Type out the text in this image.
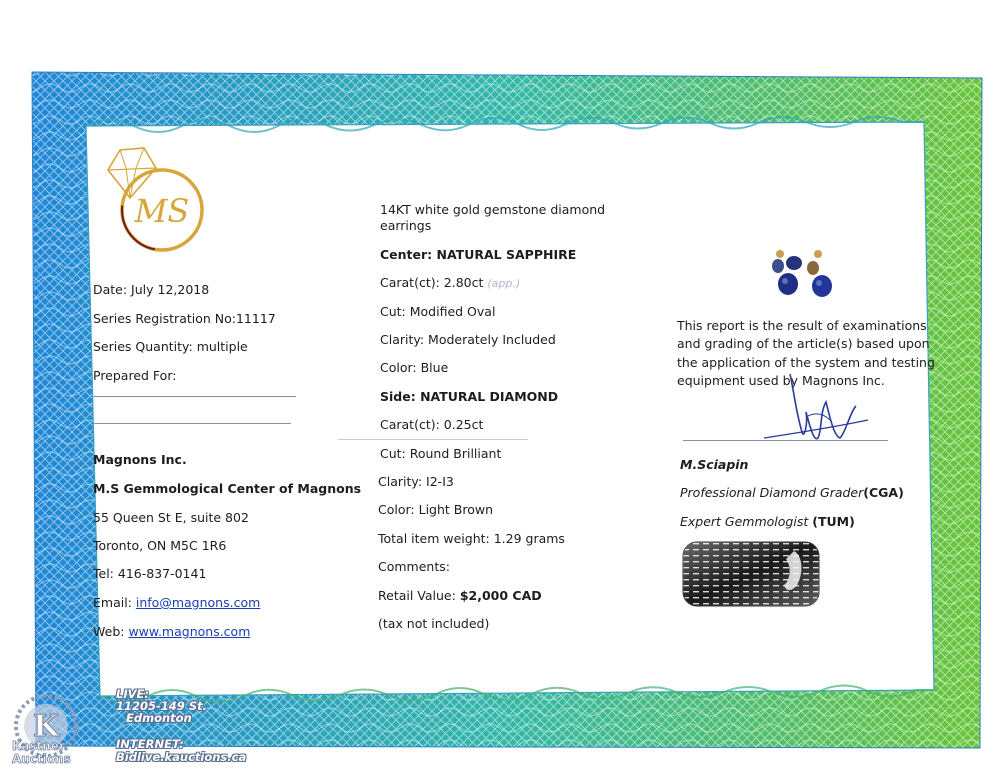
MS
Date: July 12,2018
Series Registration No:11117
Series Quantity: multiple
Prepared For:
Magnons Inc.
M.S Gemmological Center of Magnons
55 Queen St E, suite 802
Toronto, ON M5C 1R6
Tel: 416-837-0141
Email: info@magnons.com
Web: www.magnons.com
14KT white gold gemstone diamond
earrings
Center: NATURAL SAPPHIRE
Carat(ct): 2.80ct (app.)
Cut: Modified Oval
Clarity: Moderately Included
Color: Blue
Side: NATURAL DIAMOND
Carat(ct): 0.25ct
Cut: Round Brilliant
Clarity: I2-I3
Color: Light Brown
Total item weight: 1.29 grams
Comments:
Retail Value: $2,000 CAD
(tax not included)
This report is the result of examinations
and grading of the article(s) based upon
the application of the system and testing
equipment used by Magnons Inc.
M.Sciapin
Professional Diamond Grader(CGA)
Expert Gemmologist (TUM)
K
Kastner
Auctions
LIVE:
11205-149 St.
Edmonton
INTERNET:
Bidlive.kauctions.ca
